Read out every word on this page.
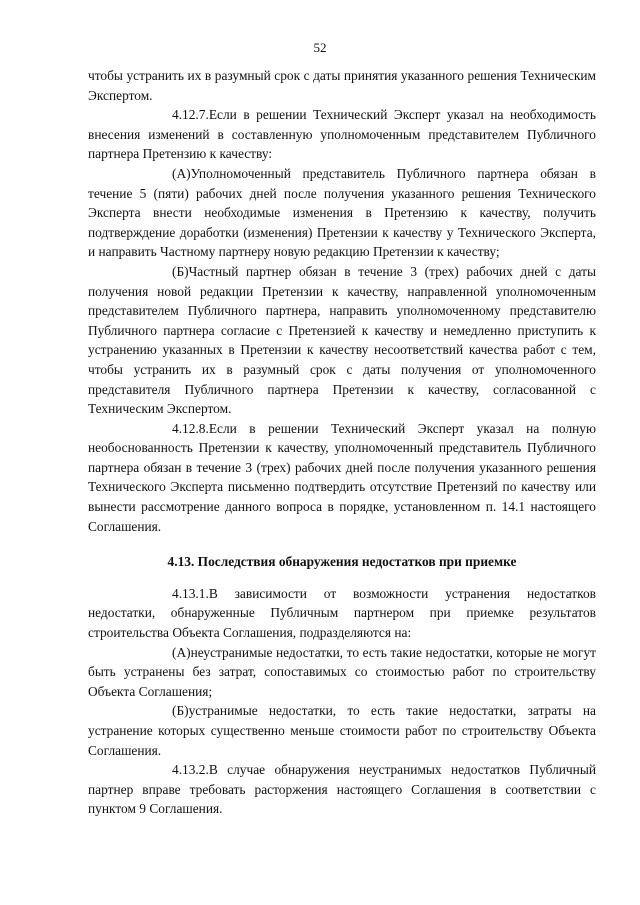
52

чтобы устранить их в разумный срок с даты принятия указанного решения Техническим Экспертом.

4.12.7.Если в решении Технический Эксперт указал на необходимость внесения изменений в составленную уполномоченным представителем Публичного партнера Претензию к качеству:

(А)Уполномоченный представитель Публичного партнера обязан в течение 5 (пяти) рабочих дней после получения указанного решения Технического Эксперта внести необходимые изменения в Претензию к качеству, получить подтверждение доработки (изменения) Претензии к качеству у Технического Эксперта, и направить Частному партнеру новую редакцию Претензии к качеству;

(Б)Частный партнер обязан в течение 3 (трех) рабочих дней с даты получения новой редакции Претензии к качеству, направленной уполномоченным представителем Публичного партнера, направить уполномоченному представителю Публичного партнера согласие с Претензией к качеству и немедленно приступить к устранению указанных в Претензии к качеству несоответствий качества работ с тем, чтобы устранить их в разумный срок с даты получения от уполномоченного представителя Публичного партнера Претензии к качеству, согласованной с Техническим Экспертом.

4.12.8.Если в решении Технический Эксперт указал на полную необоснованность Претензии к качеству, уполномоченный представитель Публичного партнера обязан в течение 3 (трех) рабочих дней после получения указанного решения Технического Эксперта письменно подтвердить отсутствие Претензий по качеству или вынести рассмотрение данного вопроса в порядке, установленном п. 14.1 настоящего Соглашения.

4.13. Последствия обнаружения недостатков при приемке

4.13.1.В зависимости от возможности устранения недостатков недостатки, обнаруженные Публичным партнером при приемке результатов строительства Объекта Соглашения, подразделяются на:

(А)неустранимые недостатки, то есть такие недостатки, которые не могут быть устранены без затрат, сопоставимых со стоимостью работ по строительству Объекта Соглашения;

(Б)устранимые недостатки, то есть такие недостатки, затраты на устранение которых существенно меньше стоимости работ по строительству Объекта Соглашения.

4.13.2.В случае обнаружения неустранимых недостатков Публичный партнер вправе требовать расторжения настоящего Соглашения в соответствии с пунктом 9 Соглашения.
